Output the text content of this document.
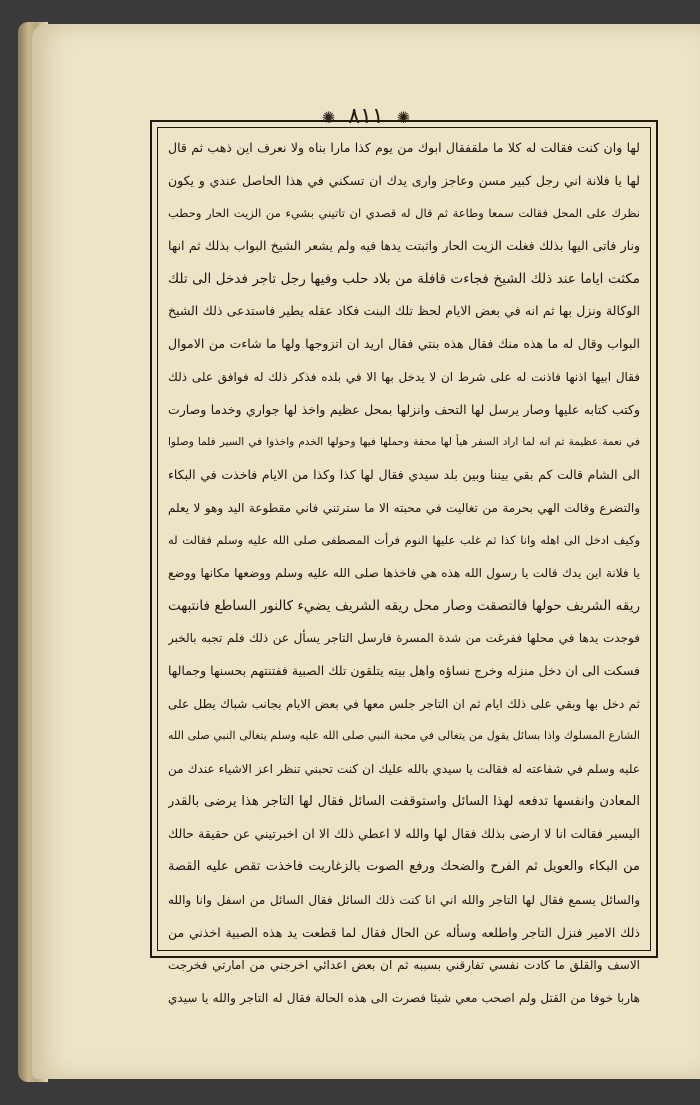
✺ ٨١١ ✺
لها وان كنت فقالت له كلا ما ملقفقال ابوك من يوم كذا مارا بناه ولا نعرف اين ذهب ثم قال
لها يا فلانة اني رجل كبير مسن وعاجز وارى يدك ان تسكني في هذا الحاصل عندي و يكون
نظرك على المحل فقالت سمعا وطاعة ثم قال له قصدي ان تاتيني بشيء من الزيت الحار وحطب
ونار فاتى اليها بذلك فغلت الزيت الحار واثبتت يدها فيه ولم يشعر الشيخ البواب بذلك ثم انها
مكثت اياما عند ذلك الشيخ فجاءت قافلة من بلاد حلب وفيها رجل تاجر فدخل الى تلك
الوكالة ونزل بها ثم انه في بعض الايام لحظ تلك البنت فكاد عقله يطير فاستدعى ذلك الشيخ
البواب وقال له ما هذه منك فقال هذه بنتي فقال اريد ان اتزوجها ولها ما شاءت من الاموال
فقال ابيها اذنها فاذنت له على شرط ان لا يدخل بها الا في بلده فذكر ذلك له فوافق على ذلك
وكتب كتابه عليها وصار يرسل لها التحف وانزلها بمحل عظيم واخذ لها جواري وخدما وصارت
في نعمة عظيمة ثم انه لما اراد السفر هيأ لها محفة وحملها فيها وحولها الخدم واخذوا في السير فلما وصلوا
الى الشام قالت كم بقي بيننا وبين بلد سيدي فقال لها كذا وكذا من الايام فاخذت في البكاء
والتضرع وقالت الهي بحرمة من تغاليت في محبته الا ما سترتني فاني مقطوعة اليد وهو لا يعلم
وكيف ادخل الى اهله وانا كذا ثم غلب عليها النوم فرأت المصطفى صلى الله عليه وسلم فقالت له
يا فلانة اين يدك قالت يا رسول الله هذه هي فاخذها صلى الله عليه وسلم ووضعها مكانها ووضع
ريقه الشريف حولها فالتصقت وصار محل ريقه الشريف يضيء كالنور الساطع فانتبهت
فوجدت يدها في محلها ففرغت من شدة المسرة فارسل التاجر يسأل عن ذلك فلم تجبه بالخبر
فسكت الى ان دخل منزله وخرج نساؤه واهل بيته يتلقون تلك الصبية ففتنتهم بحسنها وجمالها
ثم دخل بها وبقي على ذلك ايام ثم ان التاجر جلس معها في بعض الايام بجانب شباك يطل على
الشارع المسلوك واذا بسائل يقول من يتغالى في محبة النبي صلى الله عليه وسلم يتغالى النبي صلى الله
عليه وسلم في شفاعته له فقالت يا سيدي بالله عليك ان كنت تحبني تنظر اعز الاشياء عندك من
المعادن وانفسها تدفعه لهذا السائل واستوقفت السائل فقال لها التاجر هذا يرضى بالقدر
اليسير فقالت انا لا ارضى بذلك فقال لها والله لا اعطي ذلك الا ان اخبرتيني عن حقيقة حالك
من البكاء والعويل ثم الفرح والضحك ورفع الصوت بالزغاريت فاخذت تقص عليه القصة
والسائل يسمع فقال لها التاجر والله اني انا كنت ذلك السائل فقال السائل من اسفل وانا والله
ذلك الامير فنزل التاجر واطلعه وسأله عن الحال فقال لما قطعت يد هذه الصبية اخذني من
الاسف والقلق ما كادت نفسي تفارقني بسببه ثم ان بعض اعدائي اخرجني من امارتي فخرجت
هاربا خوفا من القتل ولم اصحب معي شيئا فصرت الى هذه الحالة فقال له التاجر والله يا سيدي
